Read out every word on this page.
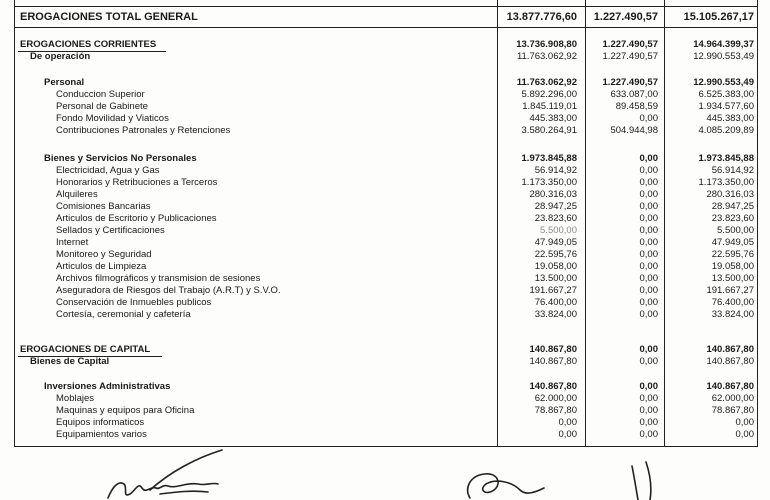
EROGACIONES TOTAL GENERAL	13.877.776,60 1.227.490,57 15.105.267,17
EROGACIONES CORRIENTES	13.736.908,80	1.227.490,57	14.964.399,37
De operación	11.763.062,92	1.227.490,57	12.990.553,49
Personal	11.763.062,92	1.227.490,57	12.990.553,49
Conduccion Superior	5.892.296,00	633.087,00	6.525.383,00
Personal de Gabinete	1.845.119,01	89.458,59	1.934.577,60
Fondo Movilidad y Viaticos	445.383,00	0,00	445.383,00
Contribuciones Patronales y Retenciones	3.580.264,91	504.944,98	4.085.209,89
Bienes y Servicios No Personales	1.973.845,88	0,00	1.973.845,88
Electricidad, Agua y Gas	56.914,92	0,00	56.914,92
Honorarios y Retribuciones a Terceros	1.173.350,00	0,00	1.173.350,00
Alquileres	280.316,03	0,00	280.316,03
Comisiones Bancarias	28.947,25	0,00	28.947,25
Articulos de Escritorio y Publicaciones	23.823,60	0,00	23.823,60
Sellados y Certificaciones	5.500,00	0,00	5.500,00
Internet	47.949,05	0,00	47.949,05
Monitoreo y Seguridad	22.595,76	0,00	22.595,76
Articulos de Limpieza	19.058,00	0,00	19.058,00
Archivos filmográficos y transmision de sesiones	13.500,00	0,00	13.500,00
Aseguradora de Riesgos del Trabajo (A.R.T) y S.V.O.	191.667,27	0,00	191.667,27
Conservación de Inmuebles publicos	76.400,00	0,00	76.400,00
Cortesía, ceremonial y cafetería	33.824,00	0,00	33.824,00
EROGACIONES DE CAPITAL	140.867,80	0,00	140.867,80
Bienes de Capital	140.867,80	0,00	140.867,80
Inversiones Administrativas	140.867,80	0,00	140.867,80
Moblajes	62.000,00	0,00	62.000,00
Maquinas y equipos para Oficina	78.867,80	0,00	78.867,80
Equipos informaticos	0,00	0,00	0,00
Equipamientos varios	0,00	0,00	0,00
